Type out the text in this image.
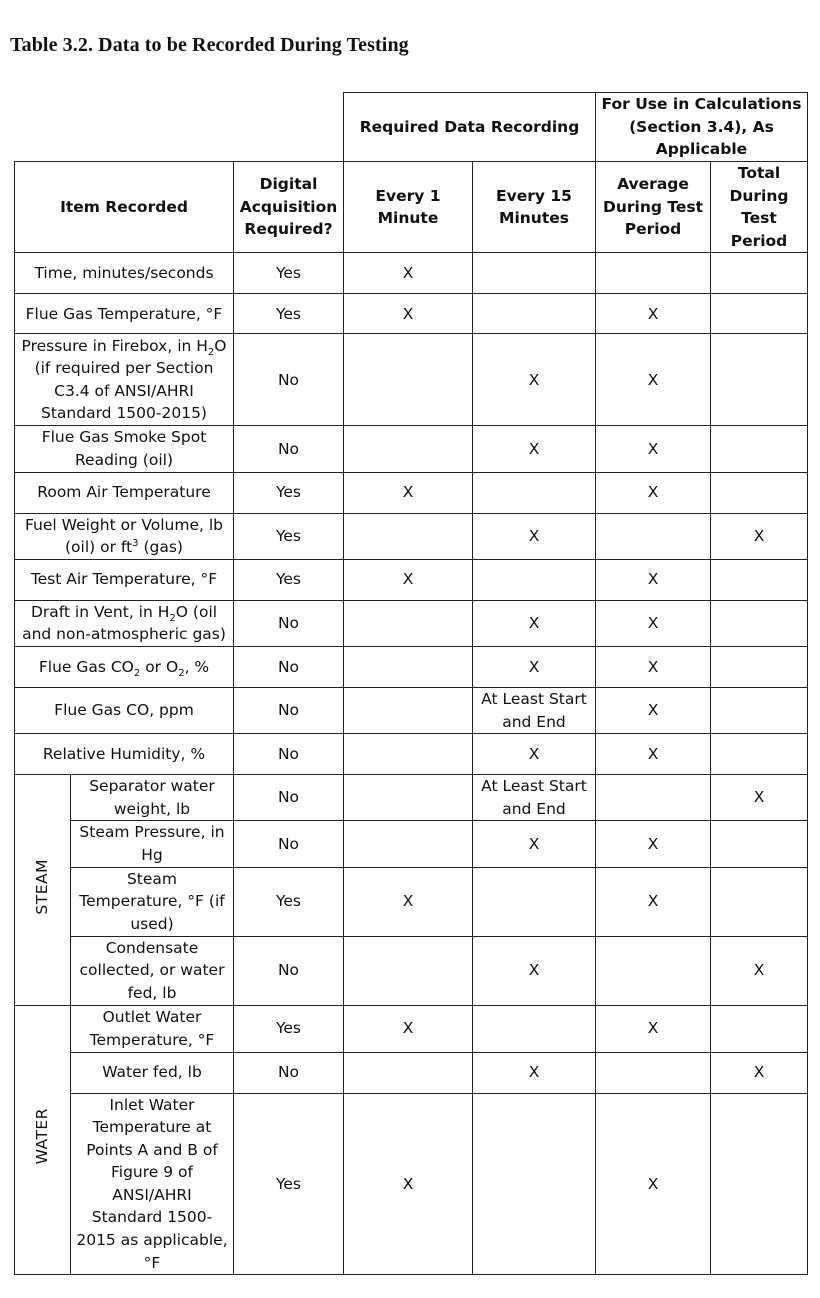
Table 3.2. Data to be Recorded During Testing
			Required Data Recording		For Use in Calculations (Section 3.4), As Applicable	
Item Recorded		Digital Acquisition Required?	Every 1 Minute	Every 15 Minutes	Average During Test Period	Total During Test Period
Time, minutes/seconds		Yes	X			
Flue Gas Temperature, °F		Yes	X		X	
Pressure in Firebox, in $H_2O$ (if required per Section C3.4 of ANSI/AHRI Standard 1500-2015)		No		X	X	
Flue Gas Smoke Spot Reading (oil)		No		X	X	
Room Air Temperature		Yes	X		X	
Fuel Weight or Volume, lb (oil) or $ft^3$ (gas)		Yes		X		X
Test Air Temperature, °F		Yes	X		X	
Draft in Vent, in $H_2O$ (oil and non-atmospheric gas)		No		X	X	
Flue Gas $CO_2$ or $O_2$, %		No		X	X	
Flue Gas CO, ppm		No		At Least Start and End	X	
Relative Humidity, %		No		X	X	
STEAM	Separator water weight, lb	No		At Least Start and End		X
	Steam Pressure, in Hg	No		X	X	
	Steam Temperature, °F (if used)	Yes	X		X	
	Condensate collected, or water fed, lb	No		X		X
WATER	Outlet Water Temperature, °F	Yes	X		X	
	Water fed, lb	No		X		X
	Inlet Water Temperature at Points A and B of Figure 9 of ANSI/AHRI Standard 1500-2015 as applicable, °F	Yes	X		X	
